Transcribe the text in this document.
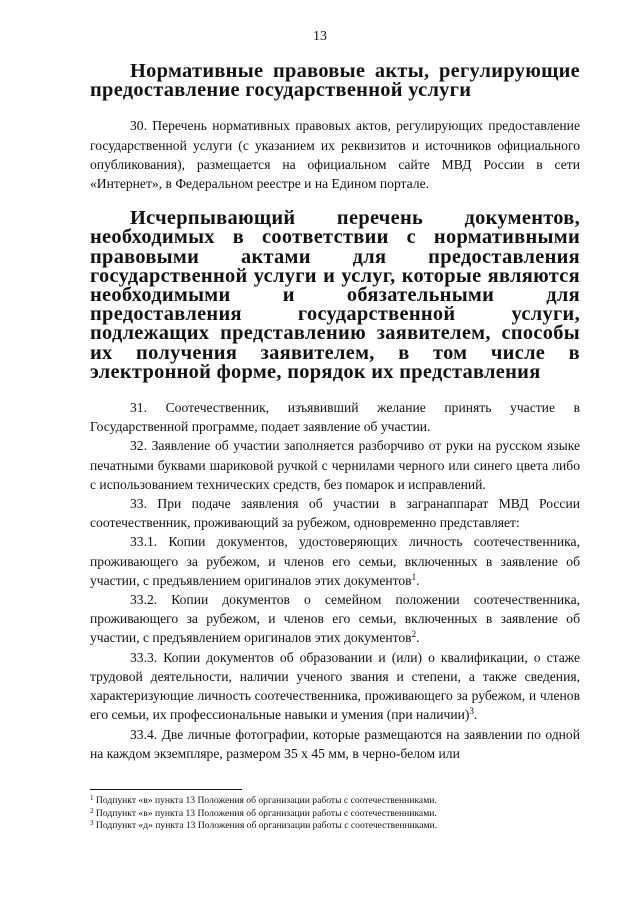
13
Нормативные правовые акты, регулирующие предоставление государственной услуги

30. Перечень нормативных правовых актов, регулирующих предоставление государственной услуги (с указанием их реквизитов и источников официального опубликования), размещается на официальном сайте МВД России в сети «Интернет», в Федеральном реестре и на Едином портале.

Исчерпывающий перечень документов, необходимых в соответствии с нормативными правовыми актами для предоставления государственной услуги и услуг, которые являются необходимыми и обязательными для предоставления государственной услуги, подлежащих представлению заявителем, способы их получения заявителем, в том числе в электронной форме, порядок их представления

31. Соотечественник, изъявивший желание принять участие в Государственной программе, подает заявление об участии.

32. Заявление об участии заполняется разборчиво от руки на русском языке печатными буквами шариковой ручкой с чернилами черного или синего цвета либо с использованием технических средств, без помарок и исправлений.

33. При подаче заявления об участии в загранаппарат МВД России соотечественник, проживающий за рубежом, одновременно представляет:

33.1. Копии документов, удостоверяющих личность соотечественника, проживающего за рубежом, и членов его семьи, включенных в заявление об участии, с предъявлением оригиналов этих документов$^1$.

33.2. Копии документов о семейном положении соотечественника, проживающего за рубежом, и членов его семьи, включенных в заявление об участии, с предъявлением оригиналов этих документов$^2$.

33.3. Копии документов об образовании и (или) о квалификации, о стаже трудовой деятельности, наличии ученого звания и степени, а также сведения, характеризующие личность соотечественника, проживающего за рубежом, и членов его семьи, их профессиональные навыки и умения (при наличии)$^3$.

33.4. Две личные фотографии, которые размещаются на заявлении по одной на каждом экземпляре, размером 35 х 45 мм, в черно-белом или

$^1$ Подпункт «в» пункта 13 Положения об организации работы с соотечественниками.
$^2$ Подпункт «в» пункта 13 Положения об организации работы с соотечественниками.
$^3$ Подпункт «д» пункта 13 Положения об организации работы с соотечественниками.
